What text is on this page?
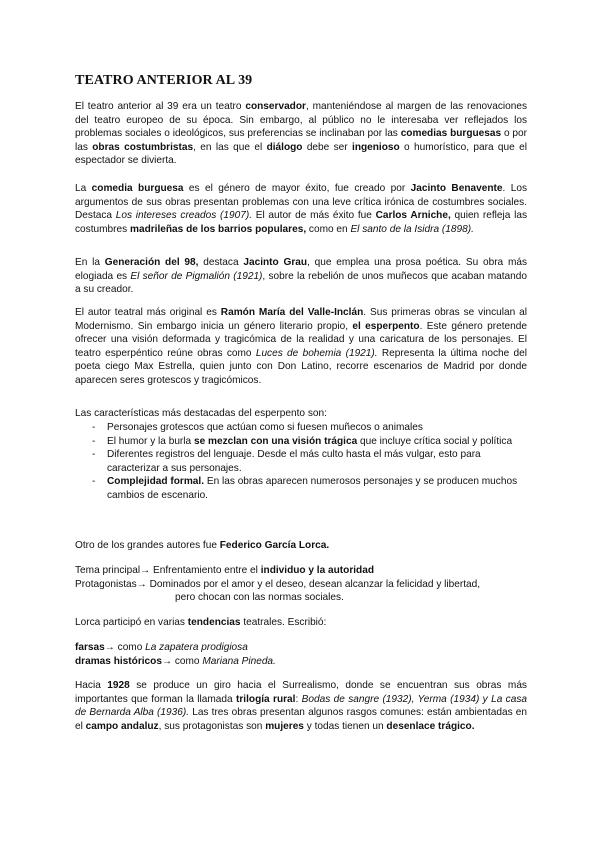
TEATRO ANTERIOR AL 39

El teatro anterior al 39 era un teatro conservador, manteniéndose al margen de las renovaciones del teatro europeo de su época. Sin embargo, al público no le interesaba ver reflejados los problemas sociales o ideológicos, sus preferencias se inclinaban por las comedias burguesas o por las obras costumbristas, en las que el diálogo debe ser ingenioso o humorístico, para que el espectador se divierta.

La comedia burguesa es el género de mayor éxito, fue creado por Jacinto Benavente. Los argumentos de sus obras presentan problemas con una leve crítica irónica de costumbres sociales. Destaca Los intereses creados (1907). El autor de más éxito fue Carlos Arniche, quien refleja las costumbres madrileñas de los barrios populares, como en El santo de la Isidra (1898).

En la Generación del 98, destaca Jacinto Grau, que emplea una prosa poética. Su obra más elogiada es El señor de Pigmalión (1921), sobre la rebelión de unos muñecos que acaban matando a su creador.

El autor teatral más original es Ramón María del Valle-Inclán. Sus primeras obras se vinculan al Modernismo. Sin embargo inicia un género literario propio, el esperpento. Este género pretende ofrecer una visión deformada y tragicómica de la realidad y una caricatura de los personajes. El teatro esperpéntico reúne obras como Luces de bohemia (1921). Representa la última noche del poeta ciego Max Estrella, quien junto con Don Latino, recorre escenarios de Madrid por donde aparecen seres grotescos y tragicómicos.

Las características más destacadas del esperpento son:

- Personajes grotescos que actúan como si fuesen muñecos o animales
- El humor y la burla se mezclan con una visión trágica que incluye crítica social y política
- Diferentes registros del lenguaje. Desde el más culto hasta el más vulgar, esto para caracterizar a sus personajes.
- Complejidad formal. En las obras aparecen numerosos personajes y se producen muchos cambios de escenario.

Otro de los grandes autores fue Federico García Lorca.

Tema principal→ Enfrentamiento entre el individuo y la autoridad
Protagonistas→ Dominados por el amor y el deseo, desean alcanzar la felicidad y libertad,
pero chocan con las normas sociales.

Lorca participó en varias tendencias teatrales. Escribió:

farsas→ como La zapatera prodigiosa
dramas históricos→ como Mariana Pineda.

Hacia 1928 se produce un giro hacia el Surrealismo, donde se encuentran sus obras más importantes que forman la llamada trilogía rural: Bodas de sangre (1932), Yerma (1934) y La casa de Bernarda Alba (1936). Las tres obras presentan algunos rasgos comunes: están ambientadas en el campo andaluz, sus protagonistas son mujeres y todas tienen un desenlace trágico.
